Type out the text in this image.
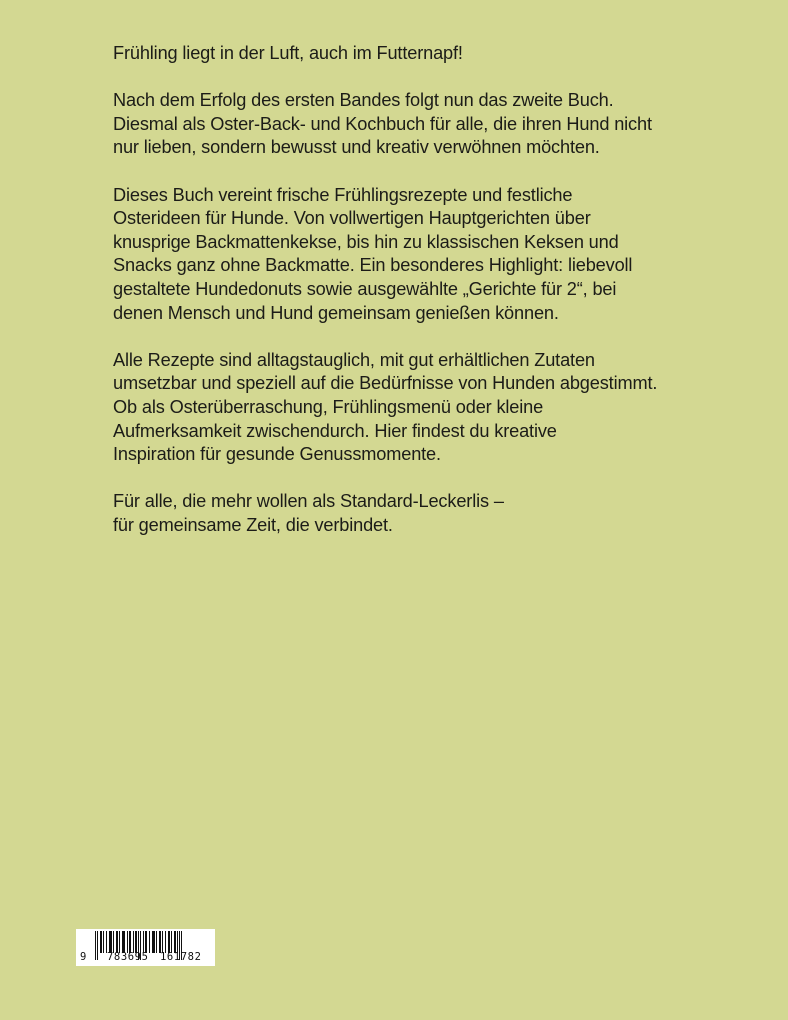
Frühling liegt in der Luft, auch im Futternapf!

Nach dem Erfolg des ersten Bandes folgt nun das zweite Buch.
Diesmal als Oster-Back- und Kochbuch für alle, die ihren Hund nicht
nur lieben, sondern bewusst und kreativ verwöhnen möchten.

Dieses Buch vereint frische Frühlingsrezepte und festliche
Osterideen für Hunde. Von vollwertigen Hauptgerichten über
knusprige Backmattenkekse, bis hin zu klassischen Keksen und
Snacks ganz ohne Backmatte. Ein besonderes Highlight: liebevoll
gestaltete Hundedonuts sowie ausgewählte „Gerichte für 2“, bei
denen Mensch und Hund gemeinsam genießen können.

Alle Rezepte sind alltagstauglich, mit gut erhältlichen Zutaten
umsetzbar und speziell auf die Bedürfnisse von Hunden abgestimmt.
Ob als Osterüberraschung, Frühlingsmenü oder kleine
Aufmerksamkeit zwischendurch. Hier findest du kreative
Inspiration für gesunde Genussmomente.

Für alle, die mehr wollen als Standard-Leckerlis –
für gemeinsame Zeit, die verbindet.

9 783695 161782
